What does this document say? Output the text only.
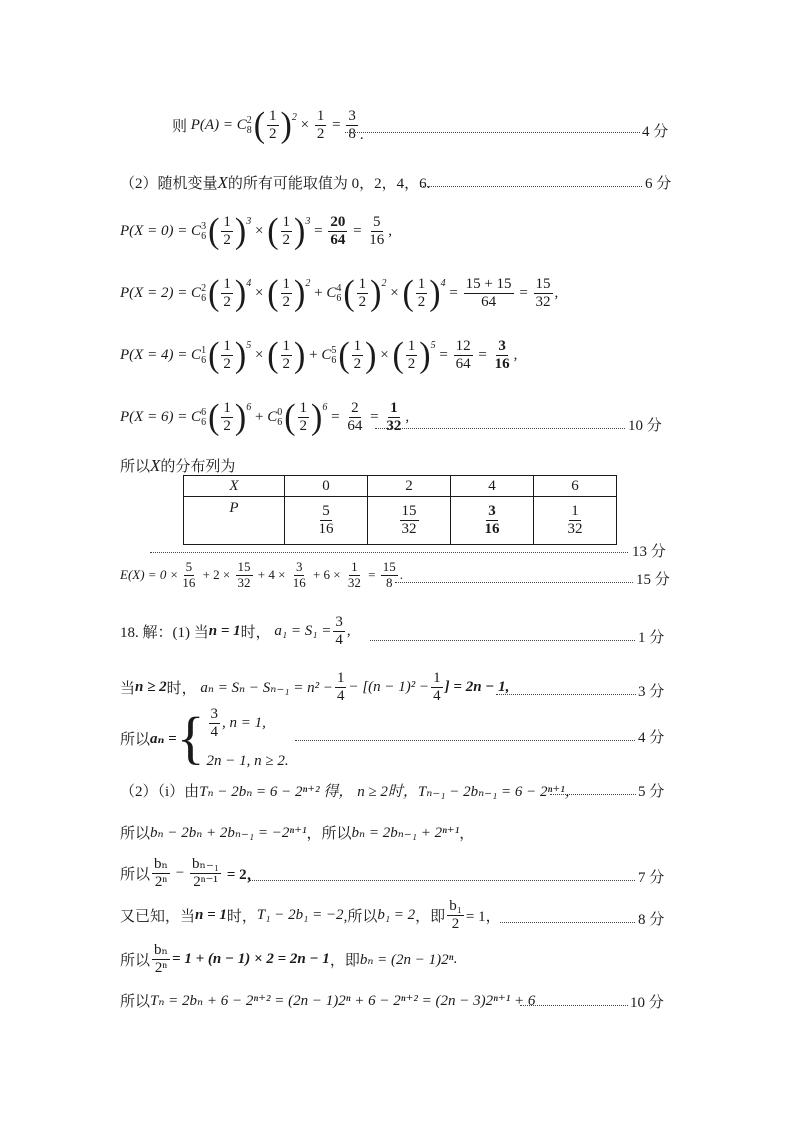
则
P(A) = C 2
8 ( $\frac{1}{2} )^2 \times \frac{1}{2} = \frac{3}{8}$ .	4 分
（2）随机变量 X 的所有可能取值为 0，2，4，6.	6 分
P(X = 0) = C 3
6 ( $\frac{1}{2} )^3$
× ( $\frac{1}{2} )^3$
= $\frac{20}{64} = \frac{5}{16}$ ,
P(X = 2) = C 2
6 ( $\frac{1}{2} )^4$
× ( $\frac{1}{2} )^2$
+ C 4
6 ( $\frac{1}{2} )^2$
× ( $\frac{1}{2} )^4$
= $\frac{15 + 15}{64} = \frac{15}{32}$ ,
P(X = 4) = C 1
6 ( $\frac{1}{2} )^5$
× ( $\frac{1}{2}$ ) + C 5
6 ( $\frac{1}{2}$ ) × ( $\frac{1}{2} )^5$
= $\frac{12}{64} = \frac{3}{16}$ ,
P(X = 6) = C 6
6 ( $\frac{1}{2} )^6$
+ C 0
6 ( $\frac{1}{2} )^6$
= $\frac{2}{64} = \frac{1}{32}$ ,
10 分
所以 X 的分布列为
X	0	2	4	6
P	$\frac{5}{16}$	$\frac{15}{32}$	$\frac{3}{16}$	$\frac{1}{32}$
13 分
$E(X) = 0 \times \frac{5}{16} + 2 \times \frac{15}{32} + 4 \times \frac{3}{16} + 6 \times \frac{1}{32} = \frac{15}{8}$ .	15 分
18. 解：(1) 当 n = 1 时，
$a_1 = S_1 = \frac{3}{4}$ ,	1 分
当 n ≥ 2 时，
$a_n = S_n - S_{n-1} = n^2 - \frac{1}{4} - [(n - 1)^2 - \frac{1}{4}$ ] = 2n − 1,	3 分
所以 aₙ = { $\frac{3}{4}$ , n = 1,
2n − 1, n ≥ 2.
4 分
（2）（i）由 Tₙ − 2bₙ = 6 − 2ⁿ⁺² 得，
n ≥ 2时， Tₙ₋₁ − 2bₙ₋₁ = 6 − 2ⁿ⁺¹，	5 分
所以 bₙ − 2bₙ + 2bₙ₋₁ = −2ⁿ⁺¹ ，所以 bₙ = 2bₙ₋₁ + 2ⁿ⁺¹ ，
所以 $\frac{\text{bₙ}}{\text{2ⁿ}} - \frac{\text{bₙ₋₁}}{\text{2ⁿ⁻¹}}$
= 2，	7 分
又已知，当 n = 1 时， T₁ − 2b₁ = −2 ,所以 b₁ = 2 ，即 $\frac{\text{b₁}}{2} = 1$，	8 分
所以 $\frac{\text{bₙ}}{\text{2ⁿ}} = 1 + (n - 1) \times 2 = 2n - 1$ ，即 bₙ = (2n − 1)2ⁿ .
所以 Tₙ = 2bₙ + 6 − 2ⁿ⁺² = (2n − 1)2ⁿ + 6 − 2ⁿ⁺² = (2n − 3)2ⁿ⁺¹ + 6	10 分
